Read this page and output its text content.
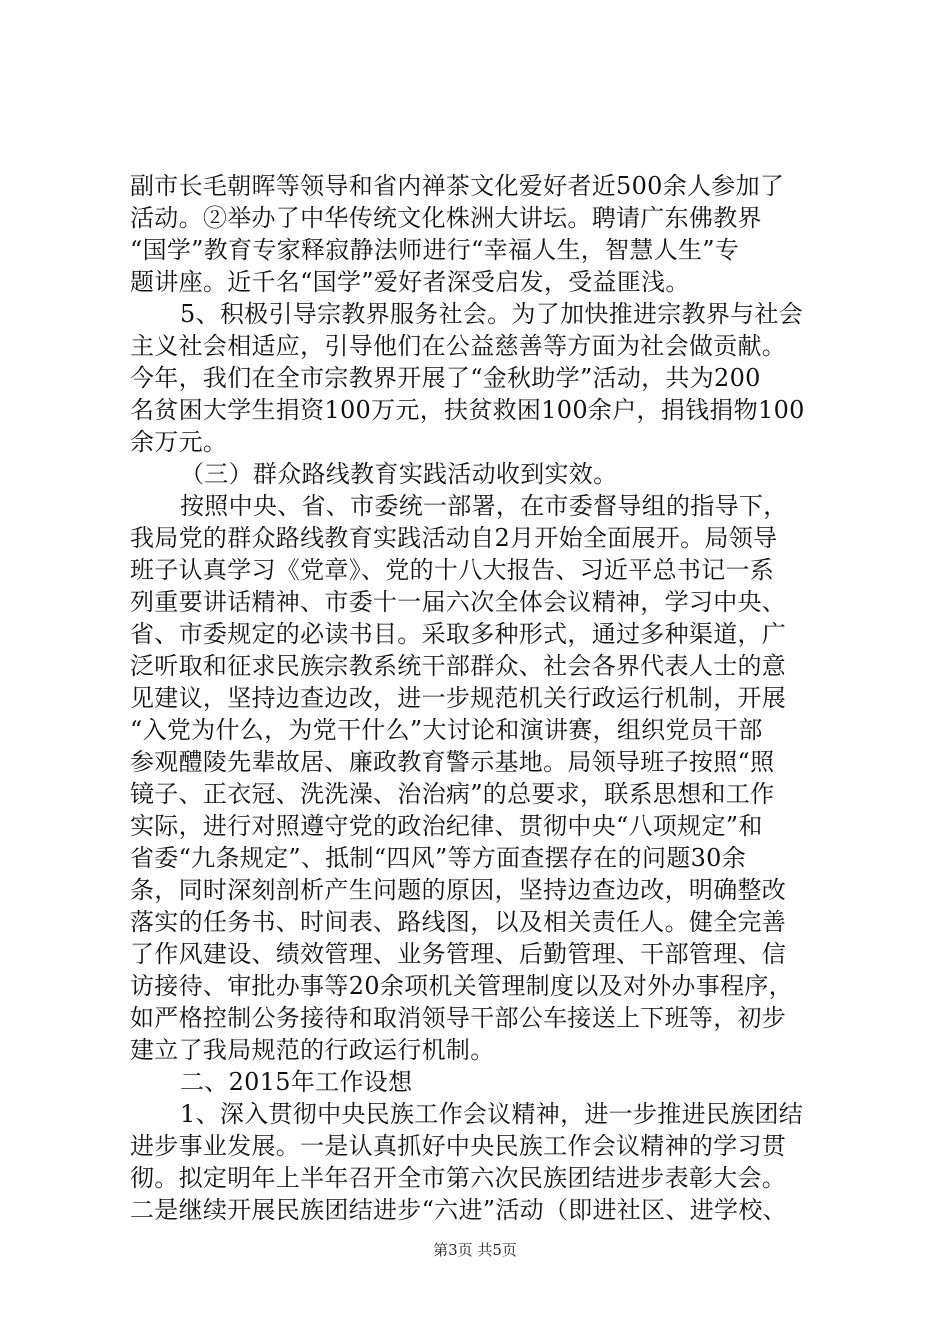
副市长毛朝晖等领导和省内禅茶文化爱好者近500余人参加了
活动。②举办了中华传统文化株洲大讲坛。聘请广东佛教界
“国学”教育专家释寂静法师进行“幸福人生，智慧人生”专
题讲座。近千名“国学”爱好者深受启发，受益匪浅。
5、积极引导宗教界服务社会。为了加快推进宗教界与社会
主义社会相适应，引导他们在公益慈善等方面为社会做贡献。
今年，我们在全市宗教界开展了“金秋助学”活动，共为200
名贫困大学生捐资100万元，扶贫救困100余户，捐钱捐物100
余万元。
（三）群众路线教育实践活动收到实效。
按照中央、省、市委统一部署，在市委督导组的指导下，
我局党的群众路线教育实践活动自2月开始全面展开。局领导
班子认真学习《党章》、党的十八大报告、习近平总书记一系
列重要讲话精神、市委十一届六次全体会议精神，学习中央、
省、市委规定的必读书目。采取多种形式，通过多种渠道，广
泛听取和征求民族宗教系统干部群众、社会各界代表人士的意
见建议，坚持边查边改，进一步规范机关行政运行机制，开展
“入党为什么，为党干什么”大讨论和演讲赛，组织党员干部
参观醴陵先辈故居、廉政教育警示基地。局领导班子按照“照
镜子、正衣冠、洗洗澡、治治病”的总要求，联系思想和工作
实际，进行对照遵守党的政治纪律、贯彻中央“八项规定”和
省委“九条规定”、抵制“四风”等方面查摆存在的问题30余
条，同时深刻剖析产生问题的原因，坚持边查边改，明确整改
落实的任务书、时间表、路线图，以及相关责任人。健全完善
了作风建设、绩效管理、业务管理、后勤管理、干部管理、信
访接待、审批办事等20余项机关管理制度以及对外办事程序，
如严格控制公务接待和取消领导干部公车接送上下班等，初步
建立了我局规范的行政运行机制。
二、2015年工作设想
1、深入贯彻中央民族工作会议精神，进一步推进民族团结
进步事业发展。一是认真抓好中央民族工作会议精神的学习贯
彻。拟定明年上半年召开全市第六次民族团结进步表彰大会。
二是继续开展民族团结进步“六进”活动（即进社区、进学校、
第3页 共5页
